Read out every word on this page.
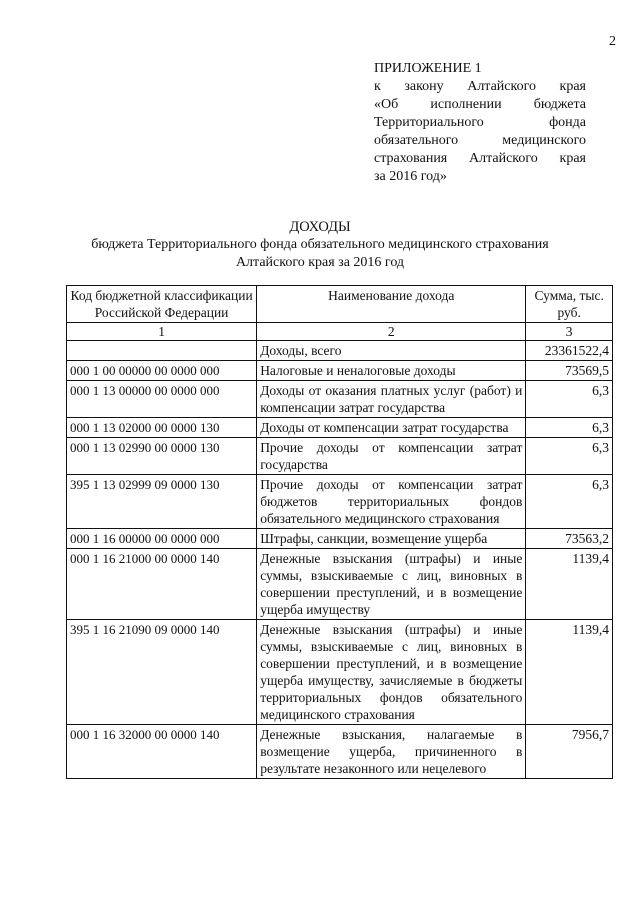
2
ПРИЛОЖЕНИЕ 1
к закону Алтайского края
«Об исполнении бюджета
Территориального фонда
обязательного медицинского
страхования Алтайского края
за 2016 год»
ДОХОДЫ
бюджета Территориального фонда обязательного медицинского страхования
Алтайского края за 2016 год
Код бюджетной классификации Российской Федерации	Наименование дохода	Сумма, тыс. руб.
1	2	3
	Доходы, всего	23361522,4
000 1 00 00000 00 0000 000	Налоговые и неналоговые доходы	73569,5
000 1 13 00000 00 0000 000	Доходы от оказания платных услуг (работ) и компенсации затрат государства	6,3
000 1 13 02000 00 0000 130	Доходы от компенсации затрат государства	6,3
000 1 13 02990 00 0000 130	Прочие доходы от компенсации затрат государства	6,3
395 1 13 02999 09 0000 130	Прочие доходы от компенсации затрат бюджетов территориальных фондов обязательного медицинского страхования	6,3
000 1 16 00000 00 0000 000	Штрафы, санкции, возмещение ущерба	73563,2
000 1 16 21000 00 0000 140	Денежные взыскания (штрафы) и иные суммы, взыскиваемые с лиц, виновных в совершении преступлений, и в возмещение ущерба имуществу	1139,4
395 1 16 21090 09 0000 140	Денежные взыскания (штрафы) и иные суммы, взыскиваемые с лиц, виновных в совершении преступлений, и в возмещение ущерба имуществу, зачисляемые в бюджеты территориальных фондов обязательного медицинского страхования	1139,4
000 1 16 32000 00 0000 140	Денежные взыскания, налагаемые в возмещение ущерба, причиненного в результате незаконного или нецелевого	7956,7
